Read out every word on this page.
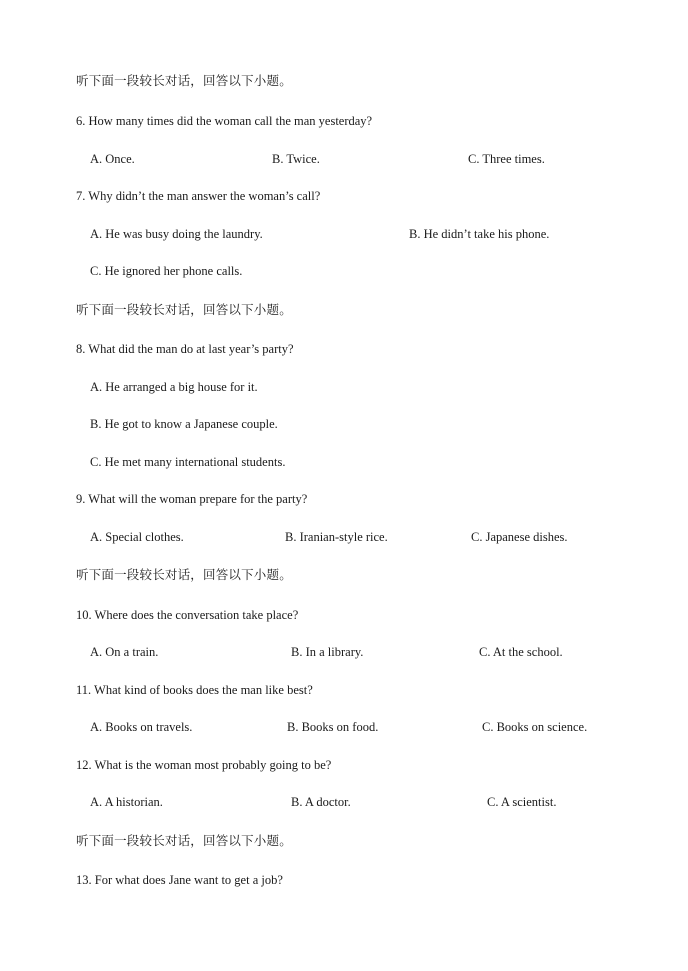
听下面一段较长对话，回答以下小题。
6. How many times did the woman call the man yesterday?
A. Once.	B. Twice.	C. Three times.
7. Why didn’t the man answer the woman’s call?
A. He was busy doing the laundry.	B. He didn’t take his phone.
C. He ignored her phone calls.
听下面一段较长对话，回答以下小题。
8. What did the man do at last year’s party?
A. He arranged a big house for it.
B. He got to know a Japanese couple.
C. He met many international students.
9. What will the woman prepare for the party?
A. Special clothes.	B. Iranian-style rice.	C. Japanese dishes.
听下面一段较长对话，回答以下小题。
10. Where does the conversation take place?
A. On a train.	B. In a library.	C. At the school.
11. What kind of books does the man like best?
A. Books on travels.	B. Books on food.	C. Books on science.
12. What is the woman most probably going to be?
A. A historian.	B. A doctor.	C. A scientist.
听下面一段较长对话，回答以下小题。
13. For what does Jane want to get a job?
